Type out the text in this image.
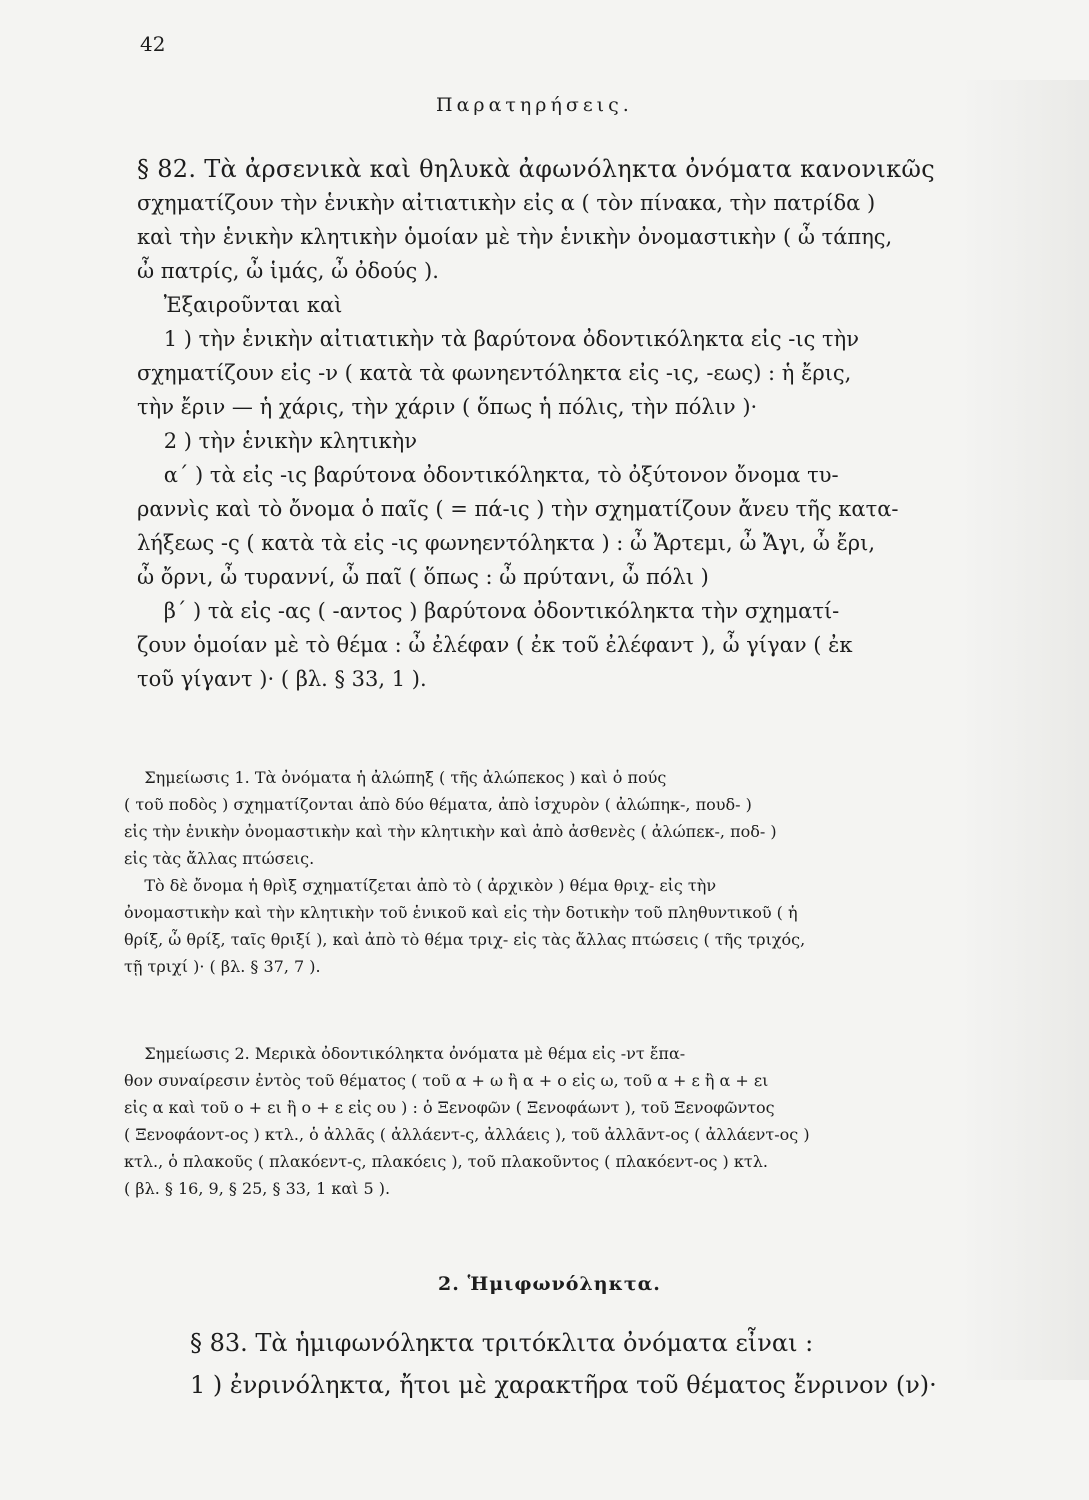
42
Παρατηρήσεις.
§ 82. Τὰ ἀρσενικὰ καὶ θηλυκὰ ἀφωνόληκτα ὀνόματα κανονικῶς
σχηματίζουν τὴν ἑνικὴν αἰτιατικὴν εἰς α ( τὸν πίνακα, τὴν πατρίδα )
καὶ τὴν ἑνικὴν κλητικὴν ὁμοίαν μὲ τὴν ἑνικὴν ὀνομαστικὴν ( ὦ τάπης,
ὦ πατρίς, ὦ ἱμάς, ὦ ὀδούς ).
Ἐξαιροῦνται καὶ
1 ) τὴν ἑνικὴν αἰτιατικὴν τὰ βαρύτονα ὀδοντικόληκτα εἰς -ις τὴν
σχηματίζουν εἰς -ν ( κατὰ τὰ φωνηεντόληκτα εἰς -ις, -εως) : ἡ ἔρις,
τὴν ἔριν — ἡ χάρις, τὴν χάριν ( ὅπως ἡ πόλις, τὴν πόλιν )·
2 ) τὴν ἑνικὴν κλητικὴν
α΄ ) τὰ εἰς -ις βαρύτονα ὀδοντικόληκτα, τὸ ὀξύτονον ὄνομα τυ-
ραννὶς καὶ τὸ ὄνομα ὁ παῖς ( = πά-ις ) τὴν σχηματίζουν ἄνευ τῆς κατα-
λήξεως -ς ( κατὰ τὰ εἰς -ις φωνηεντόληκτα ) : ὦ Ἄρτεμι, ὦ Ἄγι, ὦ ἔρι,
ὦ ὄρνι, ὦ τυραννί, ὦ παῖ ( ὅπως : ὦ πρύτανι, ὦ πόλι )
β΄ ) τὰ εἰς -ας ( -αντος ) βαρύτονα ὀδοντικόληκτα τὴν σχηματί-
ζουν ὁμοίαν μὲ τὸ θέμα : ὦ ἐλέφαν ( ἐκ τοῦ ἐλέφαντ ), ὦ γίγαν ( ἐκ
τοῦ γίγαντ )· ( βλ. § 33, 1 ).
Σημείωσις 1. Τὰ ὀνόματα ἡ ἀλώπηξ ( τῆς ἀλώπεκος ) καὶ ὁ πούς
( τοῦ ποδὸς ) σχηματίζονται ἀπὸ δύο θέματα, ἀπὸ ἰσχυρὸν ( ἀλώπηκ-, πουδ- )
εἰς τὴν ἑνικὴν ὀνομαστικὴν καὶ τὴν κλητικὴν καὶ ἀπὸ ἀσθενὲς ( ἀλώπεκ-, ποδ- )
εἰς τὰς ἄλλας πτώσεις.
Τὸ δὲ ὄνομα ἡ θρὶξ σχηματίζεται ἀπὸ τὸ ( ἀρχικὸν ) θέμα θριχ- εἰς τὴν
ὀνομαστικὴν καὶ τὴν κλητικὴν τοῦ ἑνικοῦ καὶ εἰς τὴν δοτικὴν τοῦ πληθυντικοῦ ( ἡ
θρίξ, ὦ θρίξ, ταῖς θριξί ), καὶ ἀπὸ τὸ θέμα τριχ- εἰς τὰς ἄλλας πτώσεις ( τῆς τριχός,
τῇ τριχί )· ( βλ. § 37, 7 ).
Σημείωσις 2. Μερικὰ ὀδοντικόληκτα ὀνόματα μὲ θέμα εἰς -ντ ἔπα-
θον συναίρεσιν ἐντὸς τοῦ θέματος ( τοῦ α + ω ἢ α + ο εἰς ω, τοῦ α + ε ἢ α + ει
εἰς α καὶ τοῦ ο + ει ἢ ο + ε εἰς ου ) : ὁ Ξενοφῶν ( Ξενοφάωντ ), τοῦ Ξενοφῶντος
( Ξενοφάοντ-ος ) κτλ., ὁ ἀλλᾶς ( ἀλλάεντ-ς, ἀλλάεις ), τοῦ ἀλλᾶντ-ος ( ἀλλάεντ-ος )
κτλ., ὁ πλακοῦς ( πλακόεντ-ς, πλακόεις ), τοῦ πλακοῦντος ( πλακόεντ-ος ) κτλ.
( βλ. § 16, 9, § 25, § 33, 1 καὶ 5 ).
2. Ἡμιφωνόληκτα.
§ 83. Τὰ ἡμιφωνόληκτα τριτόκλιτα ὀνόματα εἶναι :
1 ) ἐνρινόληκτα, ἤτοι μὲ χαρακτῆρα τοῦ θέματος ἔνρινον (ν)·
